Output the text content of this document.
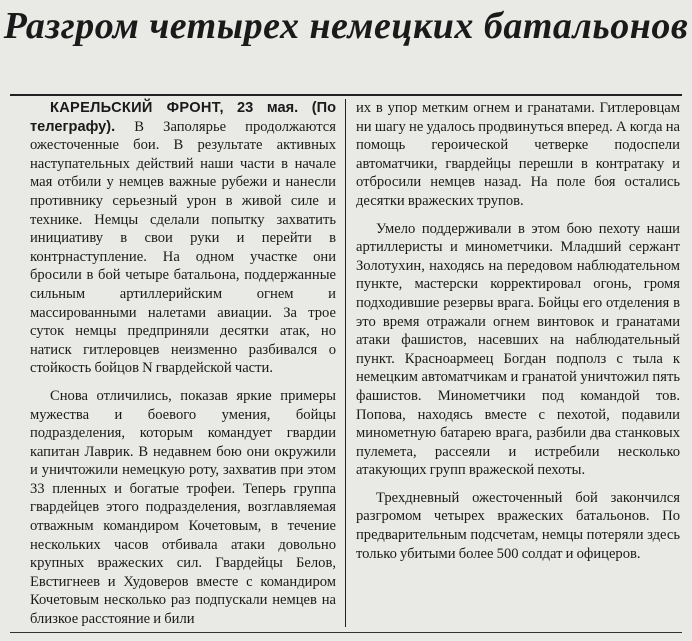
Разгром четырех немецких батальонов

КАРЕЛЬСКИЙ ФРОНТ, 23 мая. (По телеграфу). В Заполярье продолжаются ожесточенные бои. В результате активных наступательных действий наши части в начале мая отбили у немцев важные рубежи и нанесли противнику серьезный урон в живой силе и технике. Немцы сделали попытку захватить инициативу в свои руки и перейти в контрнаступление. На одном участке они бросили в бой четыре батальона, поддержанные сильным артиллерийским огнем и массированными налетами авиации. За трое суток немцы предприняли десятки атак, но натиск гитлеровцев неизменно разбивался о стойкость бойцов N гвардейской части.

Снова отличились, показав яркие примеры мужества и боевого умения, бойцы подразделения, которым командует гвардии капитан Лаврик. В недавнем бою они окружили и уничтожили немецкую роту, захватив при этом 33 пленных и богатые трофеи. Теперь группа гвардейцев этого подразделения, возглавляемая отважным командиром Кочетовым, в течение нескольких часов отбивала атаки довольно крупных вражеских сил. Гвардейцы Белов, Евстигнеев и Худоверов вместе с командиром Кочетовым несколько раз подпускали немцев на близкое расстояние и били

их в упор метким огнем и гранатами. Гитлеровцам ни шагу не удалось продвинуться вперед. А когда на помощь героической четверке подоспели автоматчики, гвардейцы перешли в контратаку и отбросили немцев назад. На поле боя остались десятки вражеских трупов.

Умело поддерживали в этом бою пехоту наши артиллеристы и минометчики. Младший сержант Золотухин, находясь на передовом наблюдательном пункте, мастерски корректировал огонь, громя подходившие резервы врага. Бойцы его отделения в это время отражали огнем винтовок и гранатами атаки фашистов, насевших на наблюдательный пункт. Красноармеец Богдан подполз с тыла к немецким автоматчикам и гранатой уничтожил пять фашистов. Минометчики под командой тов. Попова, находясь вместе с пехотой, подавили минометную батарею врага, разбили два станковых пулемета, рассеяли и истребили несколько атакующих групп вражеской пехоты.

Трехдневный ожесточенный бой закончился разгромом четырех вражеских батальонов. По предварительным подсчетам, немцы потеряли здесь только убитыми более 500 солдат и офицеров.
